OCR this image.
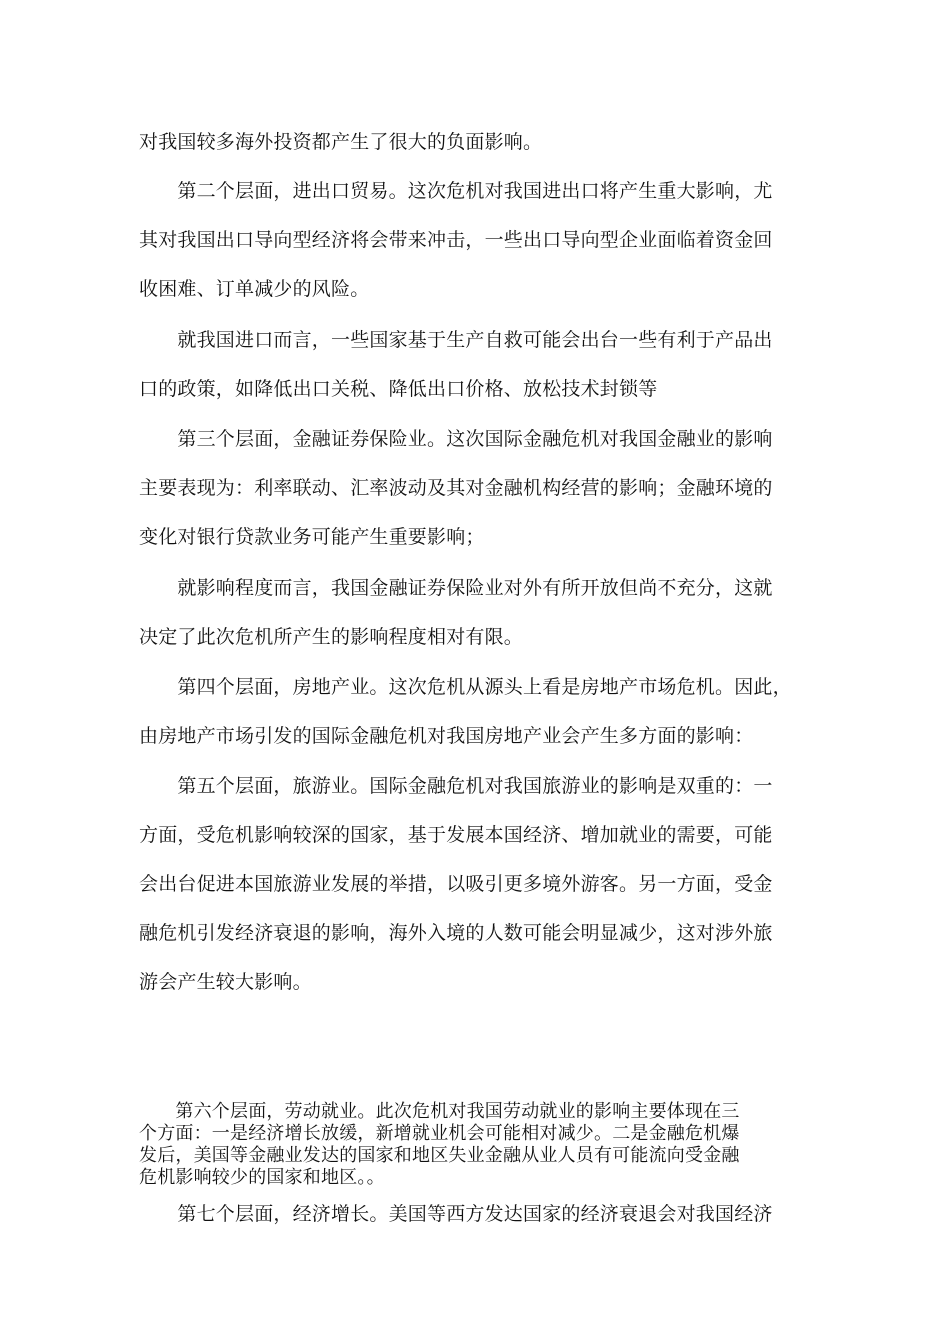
对我国较多海外投资都产生了很大的负面影响。

　　第二个层面，进出口贸易。这次危机对我国进出口将产生重大影响，尤
其对我国出口导向型经济将会带来冲击，一些出口导向型企业面临着资金回
收困难、订单减少的风险。

　　就我国进口而言，一些国家基于生产自救可能会出台一些有利于产品出
口的政策，如降低出口关税、降低出口价格、放松技术封锁等

　　第三个层面，金融证券保险业。这次国际金融危机对我国金融业的影响
主要表现为：利率联动、汇率波动及其对金融机构经营的影响；金融环境的
变化对银行贷款业务可能产生重要影响；

　　就影响程度而言，我国金融证券保险业对外有所开放但尚不充分，这就
决定了此次危机所产生的影响程度相对有限。

　　第四个层面，房地产业。这次危机从源头上看是房地产市场危机。因此，
由房地产市场引发的国际金融危机对我国房地产业会产生多方面的影响：

　　第五个层面，旅游业。国际金融危机对我国旅游业的影响是双重的：一
方面，受危机影响较深的国家，基于发展本国经济、增加就业的需要，可能
会出台促进本国旅游业发展的举措，以吸引更多境外游客。另一方面，受金
融危机引发经济衰退的影响，海外入境的人数可能会明显减少，这对涉外旅
游会产生较大影响。

　　第六个层面，劳动就业。此次危机对我国劳动就业的影响主要体现在三
个方面：一是经济增长放缓，新增就业机会可能相对减少。二是金融危机爆
发后，美国等金融业发达的国家和地区失业金融从业人员有可能流向受金融
危机影响较少的国家和地区。。

　　第七个层面，经济增长。美国等西方发达国家的经济衰退会对我国经济
